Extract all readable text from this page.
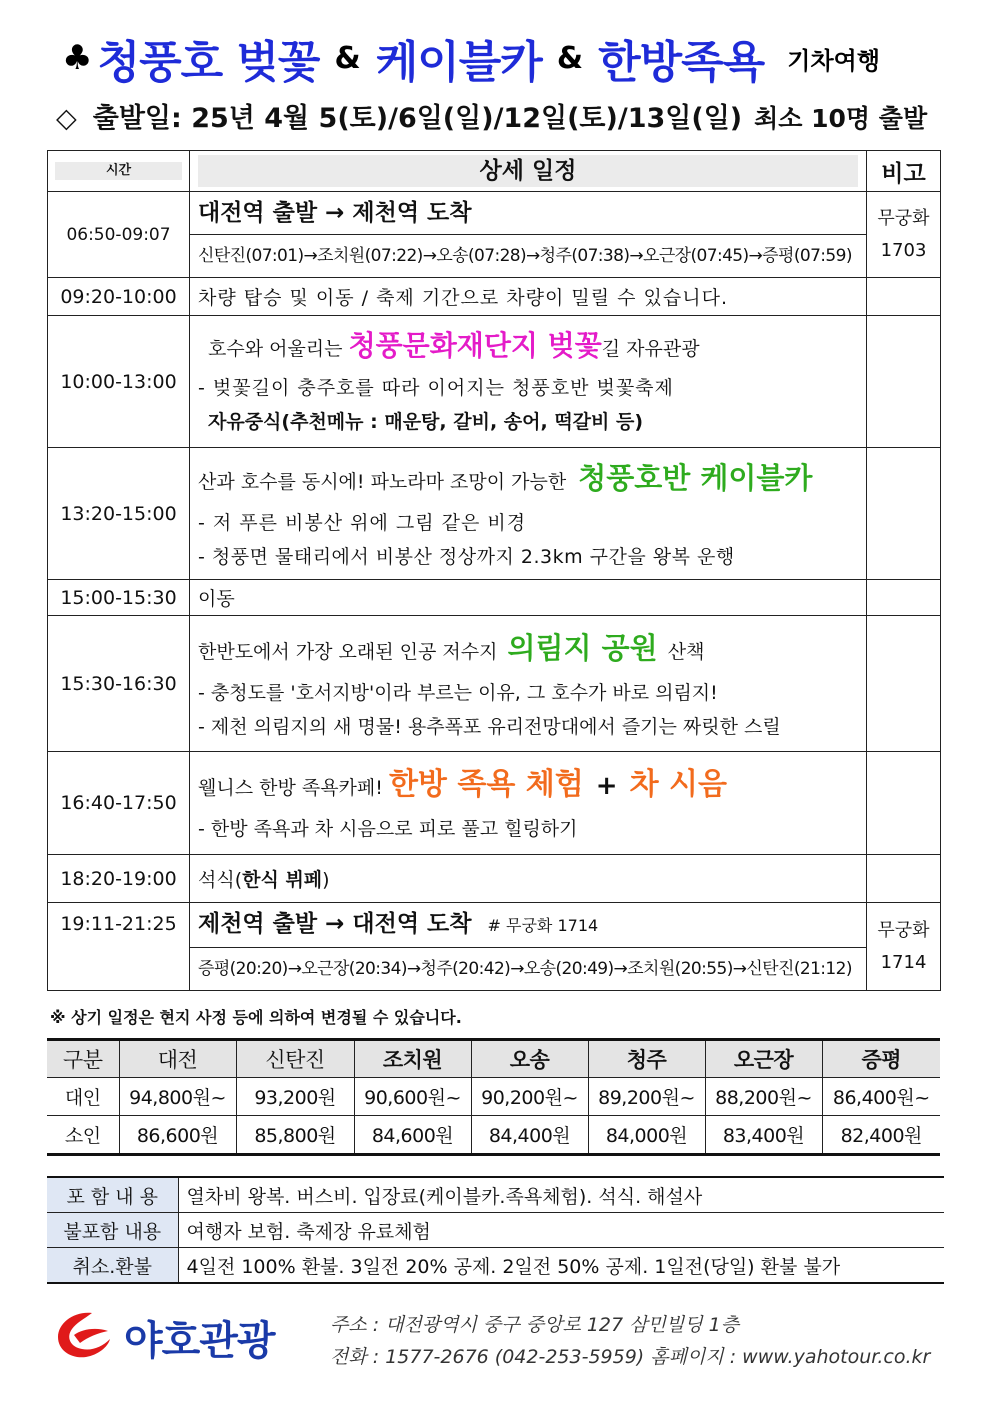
♣ 청풍호 벚꽃 & 케이블카 & 한방족욕 기차여행
◇ 출발일: 25년 4월 5(토)/6일(일)/12일(토)/13일(일) 최소 10명 출발
시간	상세 일정	비고

06:50-09:07	대전역 출발 → 제천역 도착
신탄진(07:01)→조치원(07:22)→오송(07:28)→청주(07:38)→오근장(07:45)→증평(07:59)	무궁화
1703

09:20-10:00	차량 탑승 및 이동 / 축제 기간으로 차량이 밀릴 수 있습니다.	
10:00-13:00	호수와 어울리는 청풍문화재단지 벚꽃길 자유관광
- 벚꽃길이 충주호를 따라 이어지는 청풍호반 벚꽃축제
자유중식(추천메뉴 : 매운탕, 갈비, 송어, 떡갈비 등)	

13:20-15:00	산과 호수를 동시에! 파노라마 조망이 가능한 청풍호반 케이블카
- 저 푸른 비봉산 위에 그림 같은 비경
- 청풍면 물태리에서 비봉산 정상까지 2.3km 구간을 왕복 운행	

15:00-15:30	이동	
15:30-16:30	한반도에서 가장 오래된 인공 저수지 의림지 공원 산책
- 충청도를 '호서지방'이라 부르는 이유, 그 호수가 바로 의림지!
- 제천 의림지의 새 명물! 용추폭포 유리전망대에서 즐기는 짜릿한 스릴	

16:40-17:50	웰니스 한방 족욕카페! 한방 족욕 체험 + 차 시음
- 한방 족욕과 차 시음으로 피로 풀고 힐링하기	

18:20-19:00	석식(한식 뷔페)	
19:11-21:25	제천역 출발 → 대전역 도착 # 무궁화 1714
증평(20:20)→오근장(20:34)→청주(20:42)→오송(20:49)→조치원(20:55)→신탄진(21:12)	무궁화
1714
※ 상기 일정은 현지 사정 등에 의하여 변경될 수 있습니다.
구분	대전	신탄진	조치원	오송	청주	오근장	증평
대인	94,800원~	93,200원	90,600원~	90,200원~	89,200원~	88,200원~	86,400원~
소인	86,600원	85,800원	84,600원	84,400원	84,000원	83,400원	82,400원
포 함 내 용	열차비 왕복. 버스비. 입장료(케이블카.족욕체험). 석식. 해설사
불포함 내용	여행자 보험. 축제장 유료체험
취소.환불	4일전 100% 환불. 3일전 20% 공제. 2일전 50% 공제. 1일전(당일) 환불 불가
야호관광	주소 : 대전광역시 중구 중앙로 127 삼민빌딩 1층
전화 : 1577-2676 (042-253-5959) 홈페이지 : www.yahotour.co.kr
